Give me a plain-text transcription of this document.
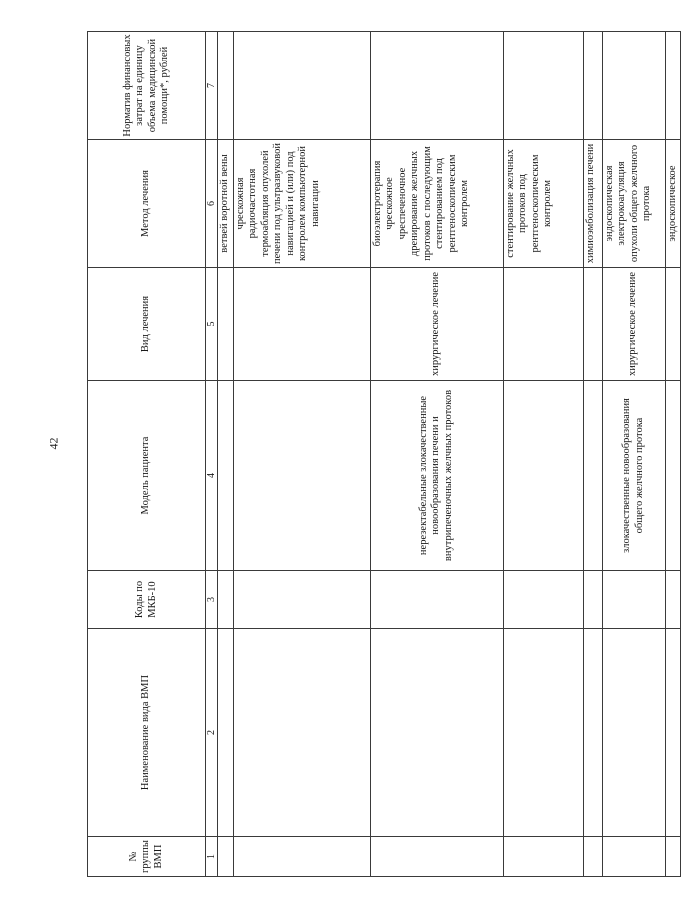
42
№ группы ВМП	Наименование вида ВМП	Коды по МКБ-10	Модель пациента	Вид лечения	Метод лечения	Норматив финансовых затрат на единицу объема медицинской помощи*, рублей
1	2	3	4	5	6	7
					ветвей воротной вены	
					чрескожная радиочастотная термоабляция опухолей печени под ультразвуковой навигацией и (или) под контролем компьютерной навигации	
			нерезектабельные злокачественные новообразования печени и внутрипеченочных желчных протоков	хирургическое лечение	биоэлектротерапия чрескожное чреспеченочное дренирование желчных протоков с последующим стентированием под рентгеноскопическим контролем	

					стентирование желчных протоков под рентгеноскопическим контролем	
					химиоэмболизация печени	
			злокачественные новообразования общего желчного протока	хирургическое лечение	эндоскопическая электрокоагуляция опухоли общего желчного протока	
					эндоскопическое	
